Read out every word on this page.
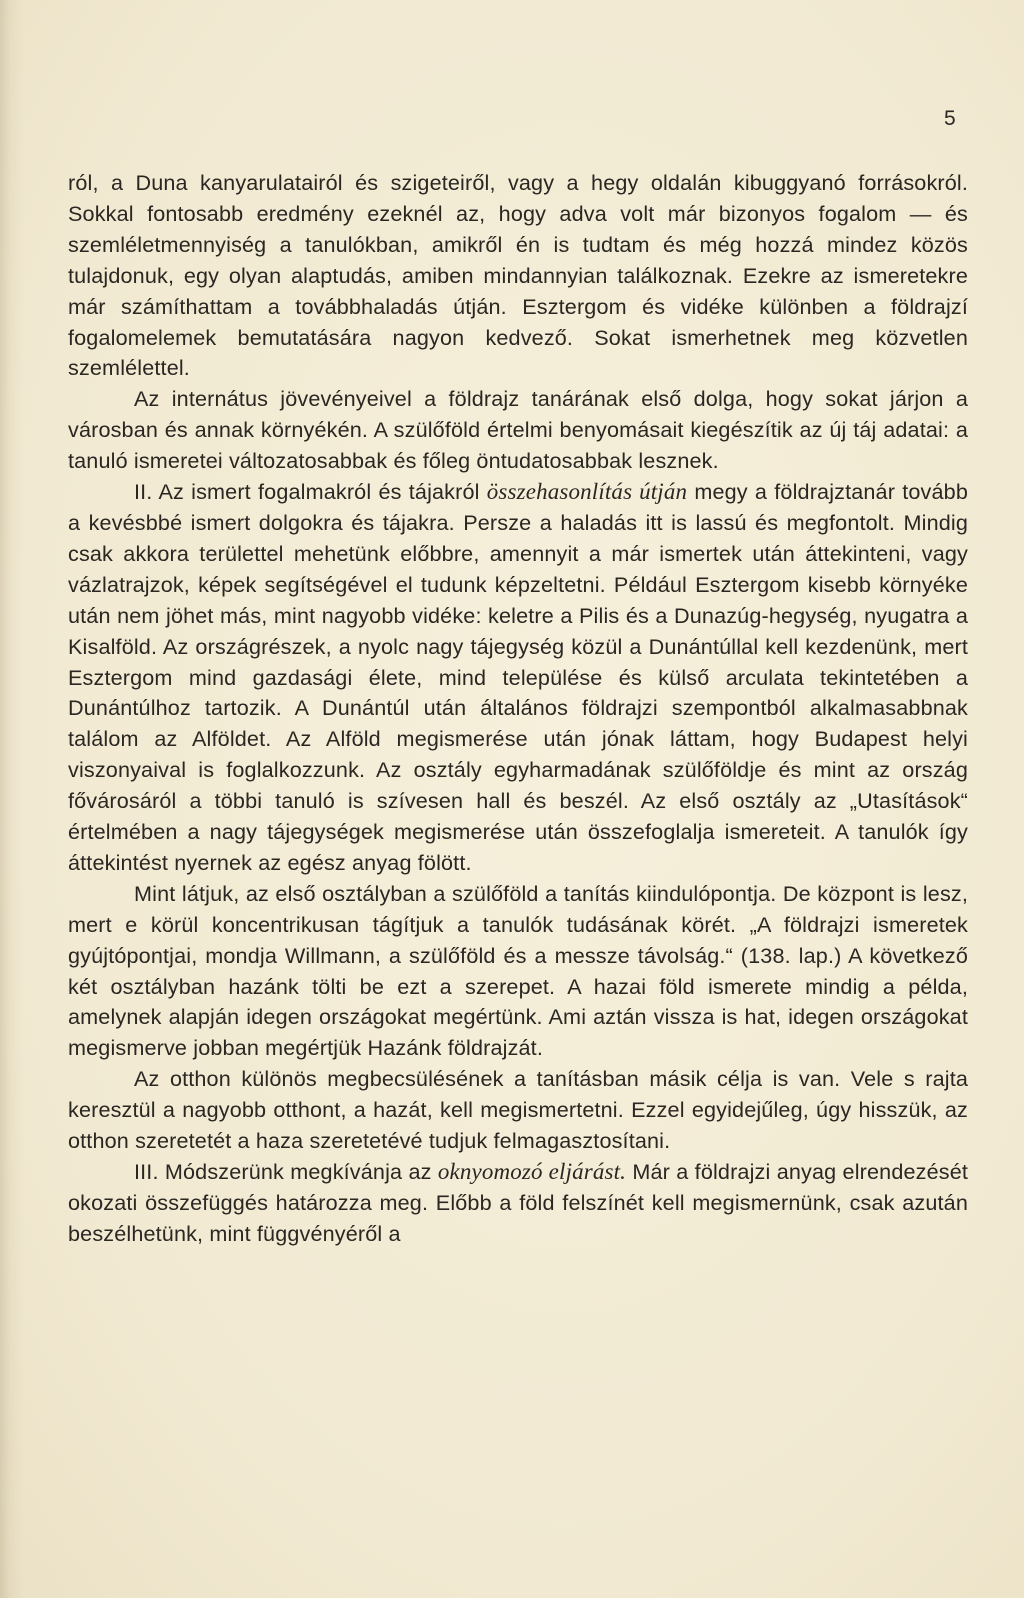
5

ról, a Duna kanyarulatairól és szigeteiről, vagy a hegy oldalán kibuggyanó forrásokról. Sokkal fontosabb eredmény ezeknél az, hogy adva volt már bizonyos fogalom — és szemléletmennyiség a tanulókban, amikről én is tudtam és még hozzá mindez közös tulajdonuk, egy olyan alaptudás, amiben mindannyian találkoznak. Ezekre az ismeretekre már számíthattam a továbbhaladás útján. Esztergom és vidéke különben a földrajzí fogalomelemek bemutatására nagyon kedvező. Sokat ismerhetnek meg közvetlen szemlélettel.

Az internátus jövevényeivel a földrajz tanárának első dolga, hogy sokat járjon a városban és annak környékén. A szülőföld értelmi benyomásait kiegészítik az új táj adatai: a tanuló ismeretei változatosabbak és főleg öntudatosabbak lesznek.

II. Az ismert fogalmakról és tájakról összehasonlítás útján megy a földrajztanár tovább a kevésbbé ismert dolgokra és tájakra. Persze a haladás itt is lassú és megfontolt. Mindig csak akkora területtel mehetünk előbbre, amennyit a már ismertek után áttekinteni, vagy vázlatrajzok, képek segítségével el tudunk képzeltetni. Például Esztergom kisebb környéke után nem jöhet más, mint nagyobb vidéke: keletre a Pilis és a Dunazúg-hegység, nyugatra a Kisalföld. Az országrészek, a nyolc nagy tájegység közül a Dunántúllal kell kezdenünk, mert Esztergom mind gazdasági élete, mind települése és külső arculata tekintetében a Dunántúlhoz tartozik. A Dunántúl után általános földrajzi szempontból alkalmasabbnak találom az Alföldet. Az Alföld megismerése után jónak láttam, hogy Budapest helyi viszonyaival is foglalkozzunk. Az osztály egyharmadának szülőföldje és mint az ország fővárosáról a többi tanuló is szívesen hall és beszél. Az első osztály az „Utasítások“ értelmében a nagy tájegységek megismerése után összefoglalja ismereteit. A tanulók így áttekintést nyernek az egész anyag fölött.

Mint látjuk, az első osztályban a szülőföld a tanítás kiindulópontja. De központ is lesz, mert e körül koncentrikusan tágítjuk a tanulók tudásának körét. „A földrajzi ismeretek gyújtópontjai, mondja Willmann, a szülőföld és a messze távolság.“ (138. lap.) A következő két osztályban hazánk tölti be ezt a szerepet. A hazai föld ismerete mindig a példa, amelynek alapján idegen országokat megértünk. Ami aztán vissza is hat, idegen országokat megismerve jobban megértjük Hazánk földrajzát.

Az otthon különös megbecsülésének a tanításban másik célja is van. Vele s rajta keresztül a nagyobb otthont, a hazát, kell megismertetni. Ezzel egyidejűleg, úgy hisszük, az otthon szeretetét a haza szeretetévé tudjuk felmagasztosítani.

III. Módszerünk megkívánja az oknyomozó eljárást. Már a földrajzi anyag elrendezését okozati összefüggés határozza meg. Előbb a föld felszínét kell megismernünk, csak azután beszélhetünk, mint függvényéről a
